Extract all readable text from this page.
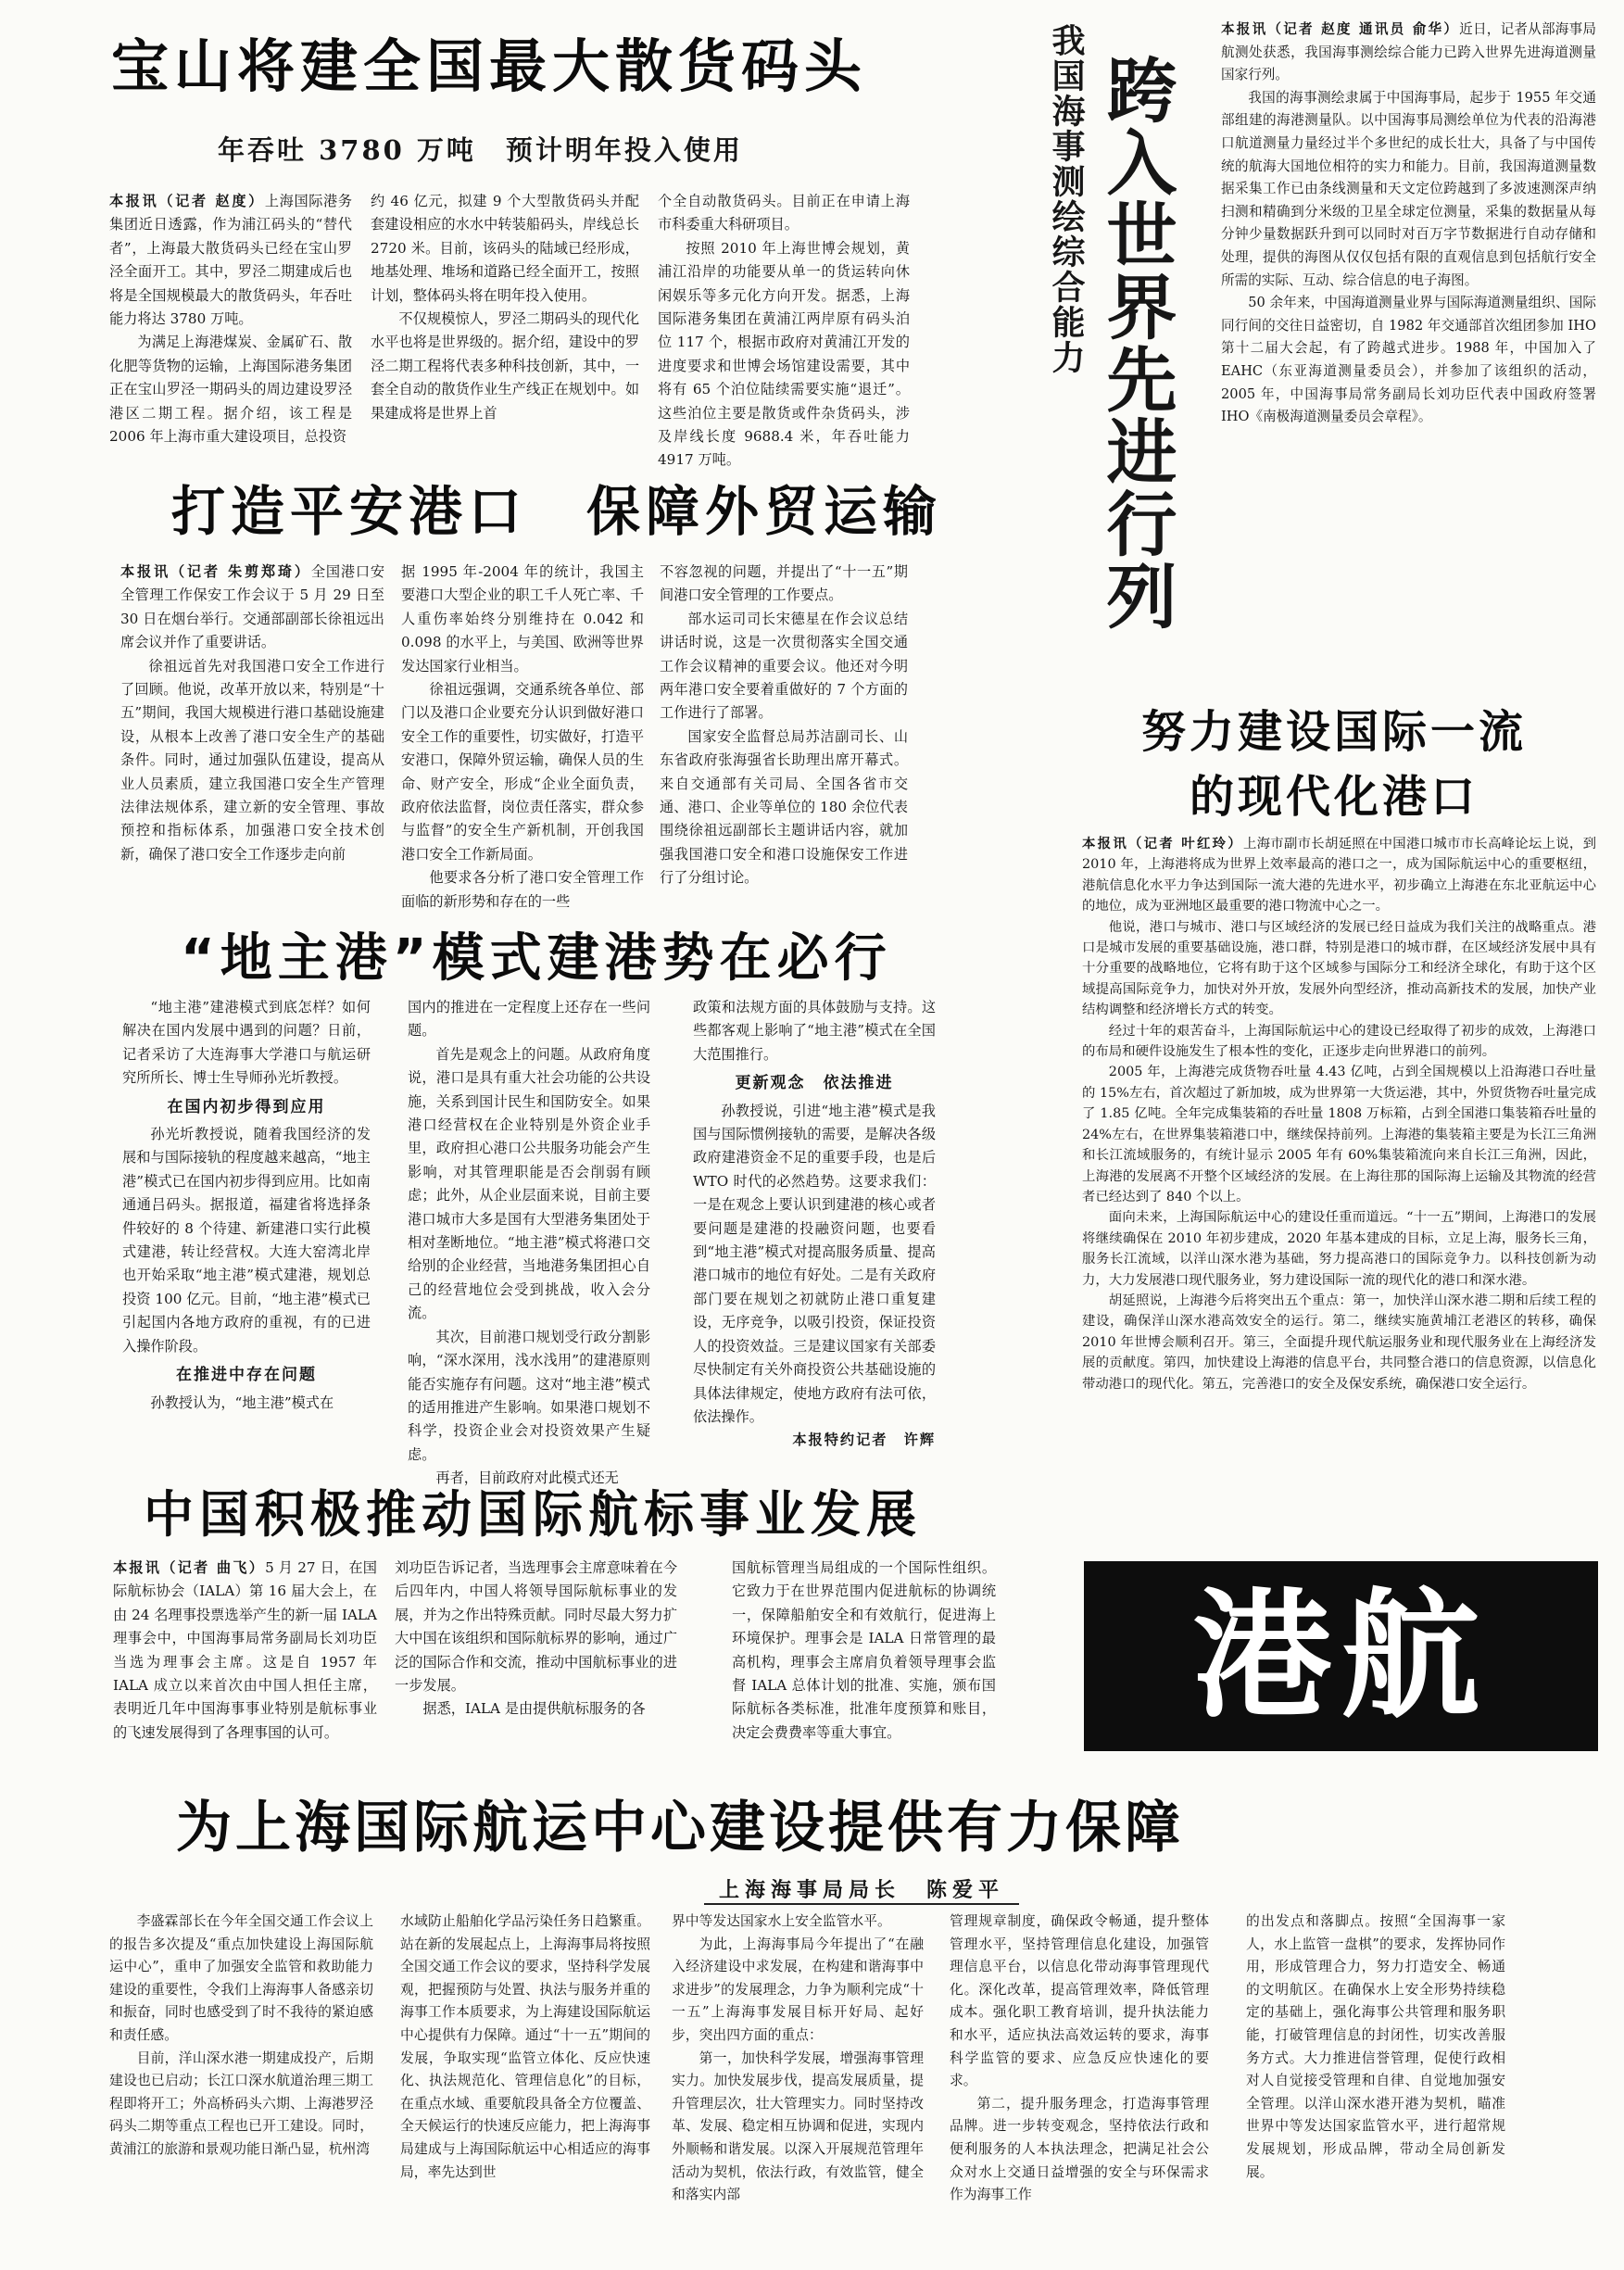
宝山将建全国最大散货码头
年吞吐 3780 万吨　预计明年投入使用

本报讯（记者 赵度）上海国际港务集团近日透露，作为浦江码头的“替代者”，上海最大散货码头已经在宝山罗泾全面开工。其中，罗泾二期建成后也将是全国规模最大的散货码头，年吞吐能力将达 3780 万吨。

为满足上海港煤炭、金属矿石、散化肥等货物的运输，上海国际港务集团正在宝山罗泾一期码头的周边建设罗泾港区二期工程。据介绍，该工程是 2006 年上海市重大建设项目，总投资

约 46 亿元，拟建 9 个大型散货码头并配套建设相应的水水中转装船码头，岸线总长 2720 米。目前，该码头的陆域已经形成，地基处理、堆场和道路已经全面开工，按照计划，整体码头将在明年投入使用。

不仅规模惊人，罗泾二期码头的现代化水平也将是世界级的。据介绍，建设中的罗泾二期工程将代表多种科技创新，其中，一套全自动的散货作业生产线正在规划中。如果建成将是世界上首

个全自动散货码头。目前正在申请上海市科委重大科研项目。

按照 2010 年上海世博会规划，黄浦江沿岸的功能要从单一的货运转向休闲娱乐等多元化方向开发。据悉，上海国际港务集团在黄浦江两岸原有码头泊位 117 个，根据市政府对黄浦江开发的进度要求和世博会场馆建设需要，其中将有 65 个泊位陆续需要实施“退迁”。这些泊位主要是散货或件杂货码头，涉及岸线长度 9688.4 米，年吞吐能力 4917 万吨。

我国海事测绘综合能力 跨入世界先进行列

本报讯（记者 赵度 通讯员 俞华）近日，记者从部海事局航测处获悉，我国海事测绘综合能力已跨入世界先进海道测量国家行列。

我国的海事测绘隶属于中国海事局，起步于 1955 年交通部组建的海港测量队。以中国海事局测绘单位为代表的沿海港口航道测量力量经过半个多世纪的成长壮大，具备了与中国传统的航海大国地位相符的实力和能力。目前，我国海道测量数据采集工作已由条线测量和天文定位跨越到了多波速测深声纳扫测和精确到分米级的卫星全球定位测量，采集的数据量从每分钟少量数据跃升到可以同时对百万字节数据进行自动存储和处理，提供的海图从仅仅包括有限的直观信息到包括航行安全所需的实际、互动、综合信息的电子海图。

50 余年来，中国海道测量业界与国际海道测量组织、国际同行间的交往日益密切，自 1982 年交通部首次组团参加 IHO 第十二届大会起，有了跨越式进步。1988 年，中国加入了 EAHC（东亚海道测量委员会），并参加了该组织的活动，2005 年，中国海事局常务副局长刘功臣代表中国政府签署 IHO《南极海道测量委员会章程》。

打造平安港口　保障外贸运输

本报讯（记者 朱剪郑琦）全国港口安全管理工作保安工作会议于 5 月 29 日至 30 日在烟台举行。交通部副部长徐祖远出席会议并作了重要讲话。

徐祖远首先对我国港口安全工作进行了回顾。他说，改革开放以来，特别是“十五”期间，我国大规模进行港口基础设施建设，从根本上改善了港口安全生产的基础条件。同时，通过加强队伍建设，提高从业人员素质，建立我国港口安全生产管理法律法规体系，建立新的安全管理、事故预控和指标体系，加强港口安全技术创新，确保了港口安全工作逐步走向前

据 1995 年-2004 年的统计，我国主要港口大型企业的职工千人死亡率、千人重伤率始终分别维持在 0.042 和 0.098 的水平上，与美国、欧洲等世界发达国家行业相当。

徐祖远强调，交通系统各单位、部门以及港口企业要充分认识到做好港口安全工作的重要性，切实做好，打造平安港口，保障外贸运输，确保人员的生命、财产安全，形成“企业全面负责，政府依法监督，岗位责任落实，群众参与监督”的安全生产新机制，开创我国港口安全工作新局面。

他要求各分析了港口安全管理工作面临的新形势和存在的一些

不容忽视的问题，并提出了“十一五”期间港口安全管理的工作要点。

部水运司司长宋德星在作会议总结讲话时说，这是一次贯彻落实全国交通工作会议精神的重要会议。他还对今明两年港口安全要着重做好的 7 个方面的工作进行了部署。

国家安全监督总局苏洁副司长、山东省政府张海强省长助理出席开幕式。来自交通部有关司局、全国各省市交通、港口、企业等单位的 180 余位代表围绕徐祖远副部长主题讲话内容，就加强我国港口安全和港口设施保安工作进行了分组讨论。

努力建设国际一流
的现代化港口

本报讯（记者 叶红玲）上海市副市长胡延照在中国港口城市市长高峰论坛上说，到 2010 年，上海港将成为世界上效率最高的港口之一，成为国际航运中心的重要枢纽，港航信息化水平力争达到国际一流大港的先进水平，初步确立上海港在东北亚航运中心的地位，成为亚洲地区最重要的港口物流中心之一。

他说，港口与城市、港口与区域经济的发展已经日益成为我们关注的战略重点。港口是城市发展的重要基础设施，港口群，特别是港口的城市群，在区域经济发展中具有十分重要的战略地位，它将有助于这个区域参与国际分工和经济全球化，有助于这个区域提高国际竞争力，加快对外开放，发展外向型经济，推动高新技术的发展，加快产业结构调整和经济增长方式的转变。

经过十年的艰苦奋斗，上海国际航运中心的建设已经取得了初步的成效，上海港口的布局和硬件设施发生了根本性的变化，正逐步走向世界港口的前列。

2005 年，上海港完成货物吞吐量 4.43 亿吨，占到全国规模以上沿海港口吞吐量的 15%左右，首次超过了新加坡，成为世界第一大货运港，其中，外贸货物吞吐量完成了 1.85 亿吨。全年完成集装箱的吞吐量 1808 万标箱，占到全国港口集装箱吞吐量的 24%左右，在世界集装箱港口中，继续保持前列。上海港的集装箱主要是为长江三角洲和长江流域服务的，有统计显示 2005 年有 60%集装箱流向来自长江三角洲，因此，上海港的发展离不开整个区域经济的发展。在上海往那的国际海上运输及其物流的经营者已经达到了 840 个以上。

面向未来，上海国际航运中心的建设任重而道远。“十一五”期间，上海港口的发展将继续确保在 2010 年初步建成，2020 年基本建成的目标，立足上海，服务长三角，服务长江流域，以洋山深水港为基础，努力提高港口的国际竞争力。以科技创新为动力，大力发展港口现代服务业，努力建设国际一流的现代化的港口和深水港。

胡延照说，上海港今后将突出五个重点：第一，加快洋山深水港二期和后续工程的建设，确保洋山深水港高效安全的运行。第二，继续实施黄埔江老港区的转移，确保 2010 年世博会顺利召开。第三，全面提升现代航运服务业和现代服务业在上海经济发展的贡献度。第四，加快建设上海港的信息平台，共同整合港口的信息资源，以信息化带动港口的现代化。第五，完善港口的安全及保安系统，确保港口安全运行。

“地主港”模式建港势在必行

“地主港”建港模式到底怎样？如何解决在国内发展中遇到的问题？日前，记者采访了大连海事大学港口与航运研究所所长、博士生导师孙光圻教授。

在国内初步得到应用

孙光圻教授说，随着我国经济的发展和与国际接轨的程度越来越高，“地主港”模式已在国内初步得到应用。比如南通通吕码头。据报道，福建省将选择条件较好的 8 个待建、新建港口实行此模式建港，转让经营权。大连大窑湾北岸也开始采取“地主港”模式建港，规划总投资 100 亿元。目前，“地主港”模式已引起国内各地方政府的重视，有的已进入操作阶段。

在推进中存在问题

孙教授认为，“地主港”模式在

国内的推进在一定程度上还存在一些问题。

首先是观念上的问题。从政府角度说，港口是具有重大社会功能的公共设施，关系到国计民生和国防安全。如果港口经营权在企业特别是外资企业手里，政府担心港口公共服务功能会产生影响，对其管理职能是否会削弱有顾虑；此外，从企业层面来说，目前主要港口城市大多是国有大型港务集团处于相对垄断地位。“地主港”模式将港口交给别的企业经营，当地港务集团担心自己的经营地位会受到挑战，收入会分流。

其次，目前港口规划受行政分割影响，“深水深用，浅水浅用”的建港原则能否实施存有问题。这对“地主港”模式的适用推进产生影响。如果港口规划不科学，投资企业会对投资效果产生疑虑。

再者，目前政府对此模式还无

政策和法规方面的具体鼓励与支持。这些都客观上影响了“地主港”模式在全国大范围推行。

更新观念　依法推进

孙教授说，引进“地主港”模式是我国与国际惯例接轨的需要，是解决各级政府建港资金不足的重要手段，也是后 WTO 时代的必然趋势。这要求我们：一是在观念上要认识到建港的核心或者要问题是建港的投融资问题，也要看到“地主港”模式对提高服务质量、提高港口城市的地位有好处。二是有关政府部门要在规划之初就防止港口重复建设，无序竞争，以吸引投资，保证投资人的投资效益。三是建议国家有关部委尽快制定有关外商投资公共基础设施的具体法律规定，使地方政府有法可依，依法操作。

本报特约记者　许辉
中国积极推动国际航标事业发展

本报讯（记者 曲飞）5 月 27 日，在国际航标协会（IALA）第 16 届大会上，在由 24 名理事投票选举产生的新一届 IALA 理事会中，中国海事局常务副局长刘功臣当选为理事会主席。这是自 1957 年 IALA 成立以来首次由中国人担任主席，表明近几年中国海事事业特别是航标事业的飞速发展得到了各理事国的认可。

刘功臣告诉记者，当选理事会主席意味着在今后四年内，中国人将领导国际航标事业的发展，并为之作出特殊贡献。同时尽最大努力扩大中国在该组织和国际航标界的影响，通过广泛的国际合作和交流，推动中国航标事业的进一步发展。

据悉，IALA 是由提供航标服务的各

国航标管理当局组成的一个国际性组织。它致力于在世界范围内促进航标的协调统一，保障船舶安全和有效航行，促进海上环境保护。理事会是 IALA 日常管理的最高机构，理事会主席肩负着领导理事会监督 IALA 总体计划的批准、实施，颁布国际航标各类标准，批准年度预算和账目，决定会费费率等重大事宜。	港航
为上海国际航运中心建设提供有力保障
上海海事局局长　陈爱平

李盛霖部长在今年全国交通工作会议上的报告多次提及“重点加快建设上海国际航运中心”，重申了加强安全监管和救助能力建设的重要性，令我们上海海事人备感亲切和振奋，同时也感受到了时不我待的紧迫感和责任感。

目前，洋山深水港一期建成投产，后期建设也已启动；长江口深水航道治理三期工程即将开工；外高桥码头六期、上海港罗泾码头二期等重点工程也已开工建设。同时，黄浦江的旅游和景观功能日渐凸显，杭州湾

水域防止船舶化学品污染任务日趋繁重。站在新的发展起点上，上海海事局将按照全国交通工作会议的要求，坚持科学发展观，把握预防与处置、执法与服务并重的海事工作本质要求，为上海建设国际航运中心提供有力保障。通过“十一五”期间的发展，争取实现“监管立体化、反应快速化、执法规范化、管理信息化”的目标，在重点水域、重要航段具备全方位覆盖、全天候运行的快速反应能力，把上海海事局建成与上海国际航运中心相适应的海事局，率先达到世

界中等发达国家水上安全监管水平。

为此，上海海事局今年提出了“在融入经济建设中求发展，在构建和谐海事中求进步”的发展理念，力争为顺利完成“十一五”上海海事发展目标开好局、起好步，突出四方面的重点：

第一，加快科学发展，增强海事管理实力。加快发展步伐，提高发展质量，提升管理层次，壮大管理实力。同时坚持改革、发展、稳定相互协调和促进，实现内外顺畅和谐发展。以深入开展规范管理年活动为契机，依法行政，有效监管，健全和落实内部

管理规章制度，确保政令畅通，提升整体管理水平，坚持管理信息化建设，加强管理信息平台，以信息化带动海事管理现代化。深化改革，提高管理效率，降低管理成本。强化职工教育培训，提升执法能力和水平，适应执法高效运转的要求，海事科学监管的要求、应急反应快速化的要求。

第二，提升服务理念，打造海事管理品牌。进一步转变观念，坚持依法行政和便利服务的人本执法理念，把满足社会公众对水上交通日益增强的安全与环保需求作为海事工作

的出发点和落脚点。按照“全国海事一家人，水上监管一盘棋”的要求，发挥协同作用，形成管理合力，努力打造安全、畅通的文明航区。在确保水上安全形势持续稳定的基础上，强化海事公共管理和服务职能，打破管理信息的封闭性，切实改善服务方式。大力推进信誉管理，促使行政相对人自觉接受管理和自律、自觉地加强安全管理。以洋山深水港开港为契机，瞄准世界中等发达国家监管水平，进行超常规发展规划，形成品牌，带动全局创新发展。
